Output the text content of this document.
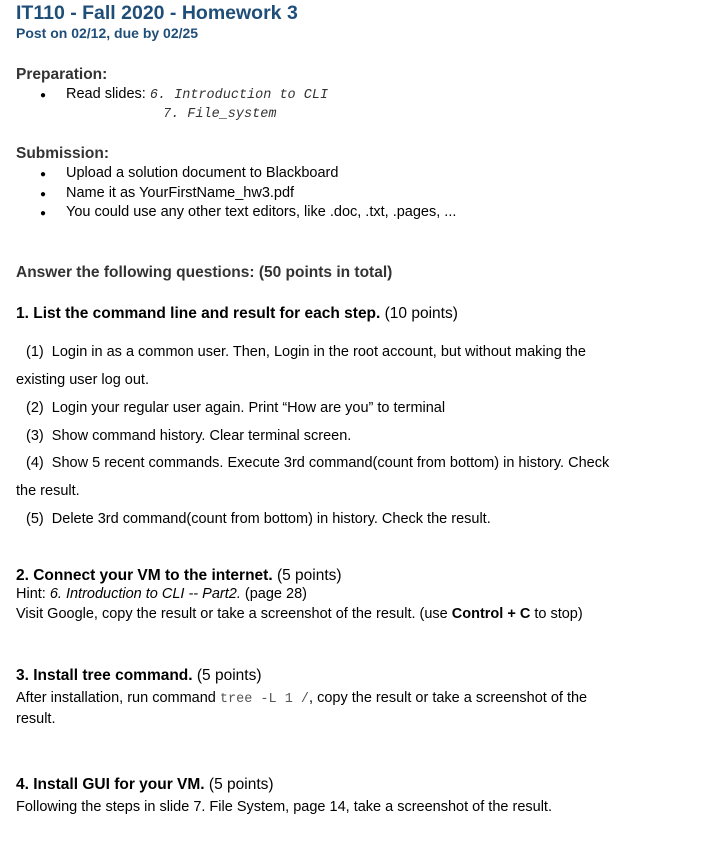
IT110 - Fall 2020 - Homework 3
Post on 02/12, due by 02/25
Preparation:
● Read slides: 6. Introduction to CLI
7. File_system
Submission:
● Upload a solution document to Blackboard
● Name it as YourFirstName_hw3.pdf
● You could use any other text editors, like .doc, .txt, .pages, ...
Answer the following questions: (50 points in total)
1. List the command line and result for each step. (10 points)
(1) Login in as a common user. Then, Login in the root account, but without making the
existing user log out.
(2) Login your regular user again. Print “How are you” to terminal
(3) Show command history. Clear terminal screen.
(4) Show 5 recent commands. Execute 3rd command(count from bottom) in history. Check
the result.
(5) Delete 3rd command(count from bottom) in history. Check the result.
2. Connect your VM to the internet. (5 points)
Hint: 6. Introduction to CLI -- Part2. (page 28)
Visit Google, copy the result or take a screenshot of the result. (use Control + C to stop)
3. Install tree command. (5 points)
After installation, run command tree -L 1 /, copy the result or take a screenshot of the
result.
4. Install GUI for your VM. (5 points)
Following the steps in slide 7. File System, page 14, take a screenshot of the result.
